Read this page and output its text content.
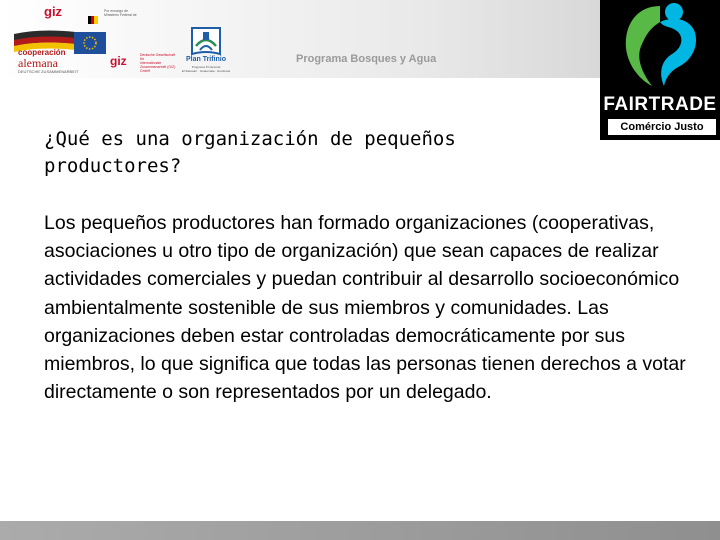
giz	Por encargo de
Ministerio Federal de
cooperación
alemana
DEUTSCHE ZUSAMMENARBEIT
giz	Deutsche Gesellschaft für
Internationale
Zusammenarbeit (GIZ) GmbH
Plan Trifinio
Programa Trinacional
El Salvador · Guatemala · Honduras
Programa Bosques y Agua
FAIRTRADE
Comércio Justo
¿Qué es una organización de pequeños productores?

Los pequeños productores han formado organizaciones (cooperativas, asociaciones u otro tipo de organización) que sean capaces de realizar actividades comerciales y puedan contribuir al desarrollo socioeconómico ambientalmente sostenible de sus miembros y comunidades. Las organizaciones deben estar controladas democráticamente por sus miembros, lo que significa que todas las personas tienen derechos a votar directamente o son representados por un delegado.
